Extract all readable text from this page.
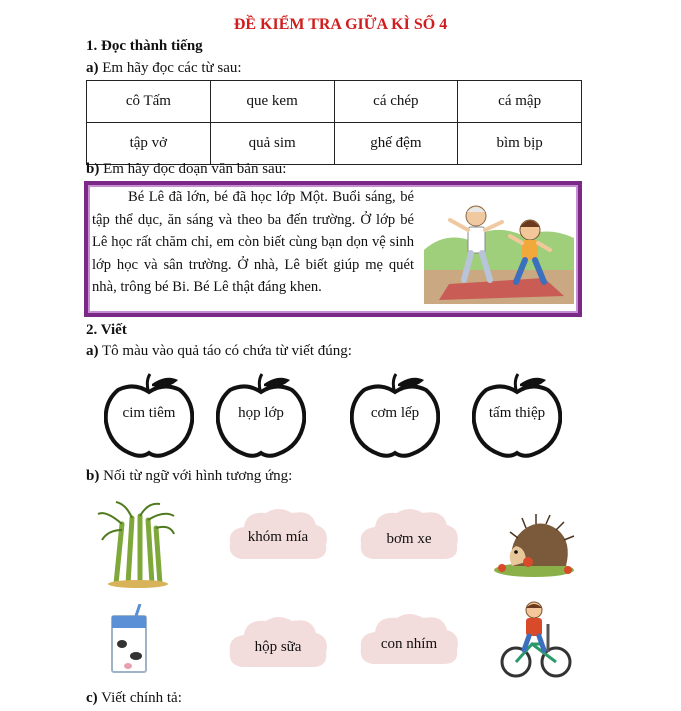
ĐỀ KIỂM TRA GIỮA KÌ SỐ 4
1. Đọc thành tiếng
a) Em hãy đọc các từ sau:
cô Tấm	que kem	cá chép	cá mập
tập vở	quả sim	ghế đệm	bìm bịp
b) Em hãy đọc đoạn văn bản sau:
Bé Lê đã lớn, bé đã học lớp Một. Buổi sáng, bé tập thể dục, ăn sáng và theo ba đến trường. Ở lớp bé Lê học rất chăm chỉ, em còn biết cùng bạn dọn vệ sinh lớp học và sân trường. Ở nhà, Lê biết giúp mẹ quét nhà, trông bé Bi. Bé Lê thật đáng khen.
2. Viết
a) Tô màu vào quả táo có chứa từ viết đúng:
cim tiêm	họp lớp	cơm lếp	tấm thiệp
b) Nối từ ngữ với hình tương ứng:
khóm mía	bơm xe
hộp sữa	con nhím
c) Viết chính tả:
